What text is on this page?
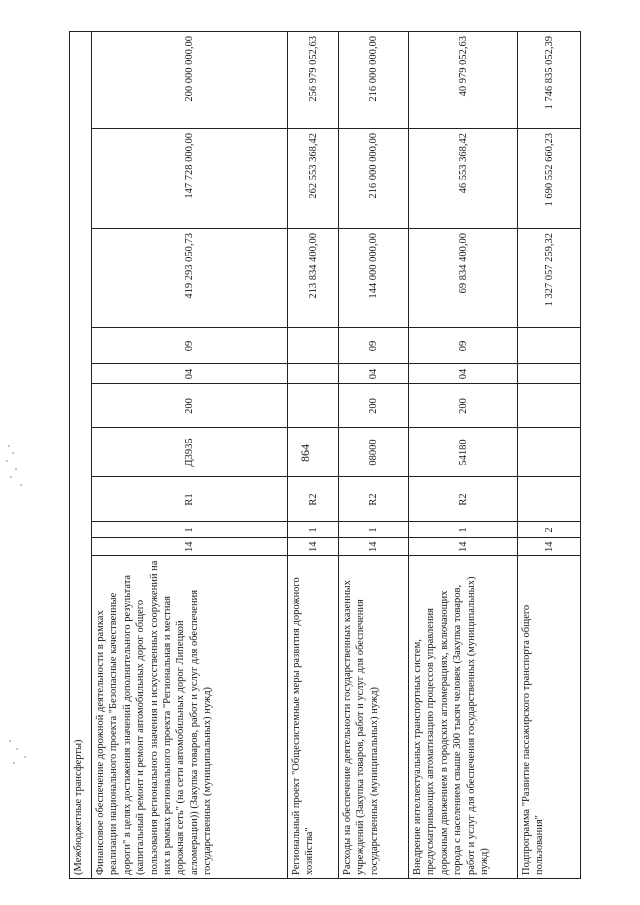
864
(Межбюджетные трансферты)	Финансовое обеспечение дорожной деятельности в рамках реализации национального проекта "Безопасные качественные дороги" в целях достижения значений дополнительного результата (капитальный ремонт и ремонт автомобильных дорог общего пользования регионального значения и искусственных сооружений на них в рамках регионального проекта "Региональная и местная дорожная сеть" (на сети автомобильных дорог Липецкой агломерации)) (Закупка товаров, работ и услуг для обеспечения государственных (муниципальных) нужд)
14
1
R1
Д3935
200
04
09
419 293 050,73
147 728 000,00
200 000 000,00
Региональный проект "Общесистемные меры развития дорожного хозяйства"
14
1
R2
213 834 400,00
262 553 368,42
256 979 052,63
Расходы на обеспечение деятельности государственных казенных учреждений (Закупка товаров, работ и услуг для обеспечения государственных (муниципальных) нужд)
14
1
R2
08000
200
04
09
144 000 000,00
216 000 000,00
216 000 000,00
Внедрение интеллектуальных транспортных систем, предусматривающих автоматизацию процессов управления дорожным движением в городских агломерациях, включающих города с населением свыше 300 тысяч человек (Закупка товаров, работ и услуг для обеспечения государственных (муниципальных) нужд)
14
1
R2
54180
200
04
09
69 834 400,00
46 553 368,42
40 979 052,63
Подпрограмма "Развитие пассажирского транспорта общего пользования"
14
2
1 327 057 259,32
1 690 552 660,23
1 746 835 052,39
